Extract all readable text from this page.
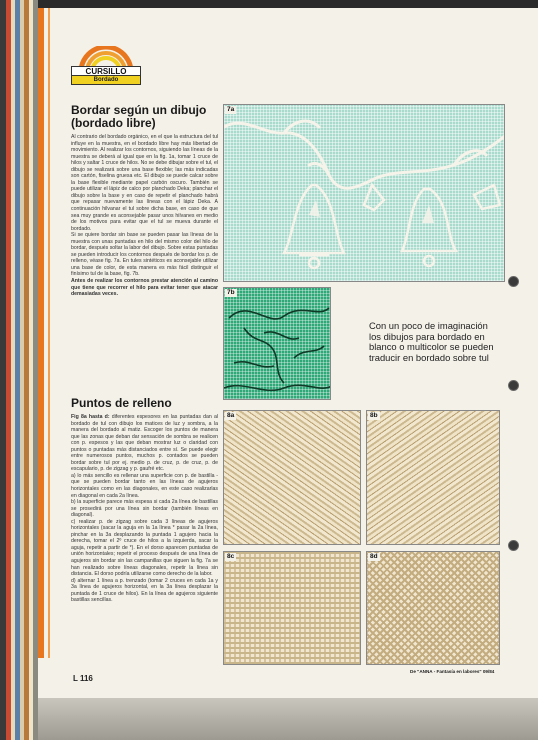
CURSILLO
Bordado
Bordar según un dibujo (bordado libre)

Al contrario del bordado orgánico, en el que la estructura del tul influye en la muestra, en el bordado libre hay más libertad de movimiento. Al realizar los contornos, siguiendo las líneas de la muestra se deberá al igual que en la fig. 1a, tomar 1 cruce de hilos y saltar 1 cruce de hilos. No se debe dibujar sobre el tul, el dibujo se realizará sobre una base flexible; las más indicadas son cartón, fiselina gruesa etc. El dibujo se puede calcar sobre la base flexible mediante papel carbón oscuro. También se puede utilizar el lápiz de calco por planchado Deka; planchar el dibujo sobre la base y en caso de repetir el planchado habrá que repasar nuevamente las líneas con el lápiz Deka. A continuación hilvanar el tul sobre dicha base, en caso de que sea muy grande es aconsejable pasar unos hilvanes en medio de los motivos para evitar que el tul se mueva durante el bordado.

Si se quiere bordar sin base se pueden pasar las líneas de la muestra con unas puntadas en hilo del mismo color del hilo de bordar, después soltar la labor del dibujo. Sobre estas puntadas se pueden introducir los contornos después de bordar los p. de relleno, véase fig. 7a. En tules sintéticos es aconsejable utilizar una base de color, de esta manera es más fácil distinguir el finísimo tul de la base, fig. 7b.

Antes de realizar los contornos prestar atención al camino que tiene que recorrer el hilo para evitar tener que atacar demasiadas veces.

Puntos de relleno

Fig 8a hasta d: diferentes espesores en las puntadas dan al bordado de tul con dibujo los matices de luz y sombra, a la manera del bordado al matiz. Escoger los puntos de manera que las zonas que deban dar sensación de sombra se realicen con p. espesos y las que deban mostrar luz o claridad con puntos o puntadas más distanciados entre sí. Se puede elegir entre numerosos puntos, muchos p. contados se pueden bordar sobre tul por ej. medio p. de cruz, p. de cruz, p. de escapulario, p. de zigzag y p. gaufré etc.

a) lo más sencillo es rellenar una superficie con p. de bastilla - que se pueden bordar tanto en las líneas de agujeros horizontales como en las diagonales, en este caso realizarlas en diagonal en cada 2a línea.

b) la superficie parece más espesa si cada 2a línea de bastillas se prosedirá por una línea sin bordar (también líneas en diagonal).

c) realizar p. de zigzag sobre cada 3 líneas de agujeros horizontales (sacar la aguja en la 1a línea * pasar la 2a línea, pinchar en la 3a desplazando la puntada 1 agujero hacia la derecha, tomar el 2º cruce de hilos a la izquierda, sacar la aguja, repetir a partir de *). En el dorso aparecen puntadas de unión horizontales; repetir el proceso después de una línea de agujeros sin bordar sin las campanillas que siguen la fig. 7a se han realizado sobre líneas diagonales, repetir la línea sin distancia. El dorso podría utilizarse como derecho de la labor.

d) alternar 1 línea a p. trenzado (tomar 2 cruces en cada 1a y 3a línea de agujeros horizontal, en la 3a línea desplazar la puntada de 1 cruce de hilos). En la línea de agujeros siguiente bastillas sencillas.

7a
7b
Con un poco de imaginación los dibujos para bordado en blanco o multicolor se pueden traducir en bordado sobre tul
8a	8b
8c	8d
De "ANNA - Fantasía en labores" 09/84
L 116
